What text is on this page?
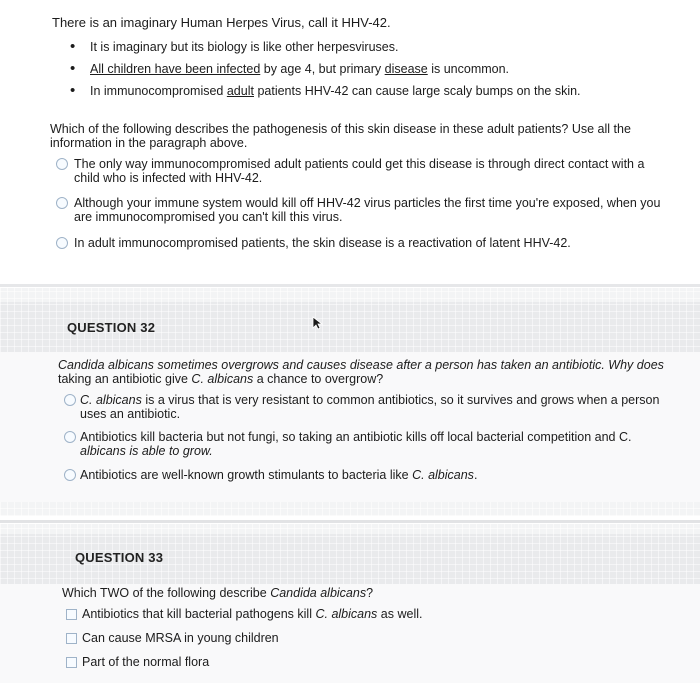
There is an imaginary Human Herpes Virus, call it HHV-42.
• It is imaginary but its biology is like other herpesviruses.
• All children have been infected by age 4, but primary disease is uncommon.
• In immunocompromised adult patients HHV-42 can cause large scaly bumps on the skin.
Which of the following describes the pathogenesis of this skin disease in these adult patients? Use all the
information in the paragraph above.
The only way immunocompromised adult patients could get this disease is through direct contact with a
child who is infected with HHV-42.
Although your immune system would kill off HHV-42 virus particles the first time you're exposed, when you
are immunocompromised you can't kill this virus.
In adult immunocompromised patients, the skin disease is a reactivation of latent HHV-42.
QUESTION 32
Candida albicans sometimes overgrows and causes disease after a person has taken an antibiotic. Why does
taking an antibiotic give C. albicans a chance to overgrow?
C. albicans is a virus that is very resistant to common antibiotics, so it survives and grows when a person
uses an antibiotic.
Antibiotics kill bacteria but not fungi, so taking an antibiotic kills off local bacterial competition and C.
albicans is able to grow.
Antibiotics are well-known growth stimulants to bacteria like C. albicans.
QUESTION 33
Which TWO of the following describe Candida albicans?
Antibiotics that kill bacterial pathogens kill C. albicans as well.
Can cause MRSA in young children
Part of the normal flora
